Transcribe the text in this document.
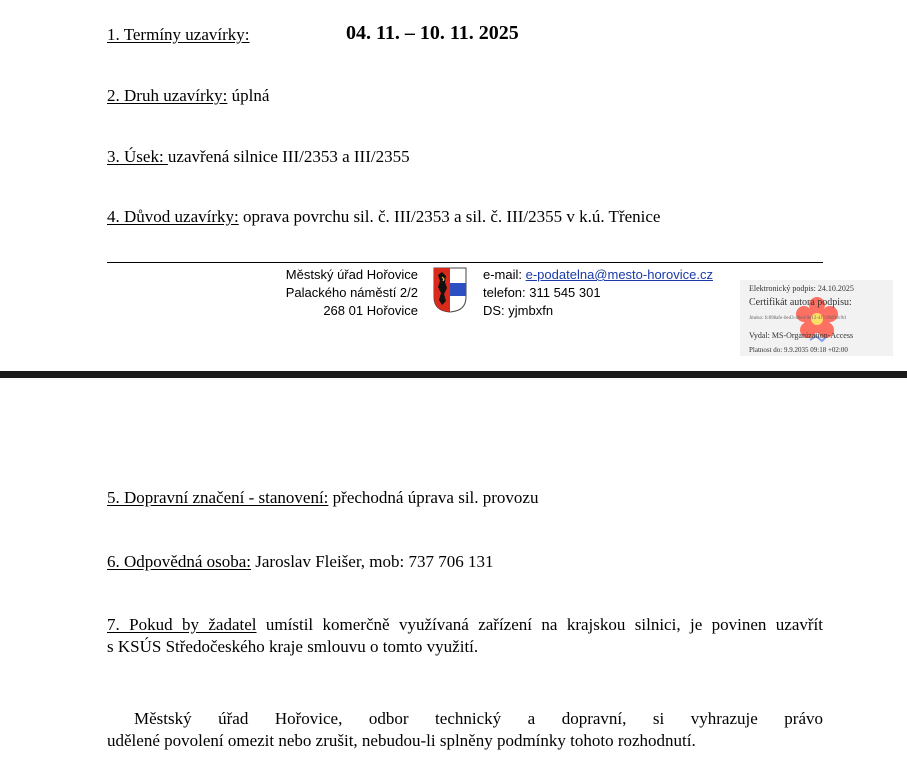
1. Termíny uzavírky:	04. 11. – 10. 11. 2025
2. Druh uzavírky: úplná
3. Úsek: uzavřená silnice III/2353 a III/2355
4. Důvod uzavírky: oprava povrchu sil. č. III/2353 a sil. č. III/2355 v k.ú. Třenice
Městský úřad Hořovice
Palackého náměstí 2/2
268 01 Hořovice
e-mail: e-podatelna@mesto-horovice.cz
telefon: 311 545 301
DS: yjmbxfn
Elektronický podpis: 24.10.2025
Certifikát autora podpisu:
Jméno: fc898afe-0ed3-40ed-9e12-4f7cf8d9dc9d
Vydal: MS-Organization-Access
Platnost do: 9.9.2035 09:18 +02:00
5. Dopravní značení - stanovení: přechodná úprava sil. provozu
6. Odpovědná osoba: Jaroslav Fleišer, mob: 737 706 131
7. Pokud by žadatel umístil komerčně využívaná zařízení na krajskou silnici, je povinen uzavřít
s KSÚS Středočeského kraje smlouvu o tomto využití.
Městský úřad Hořovice, odbor technický a dopravní, si vyhrazuje právo
udělené povolení omezit nebo zrušit, nebudou-li splněny podmínky tohoto rozhodnutí.
